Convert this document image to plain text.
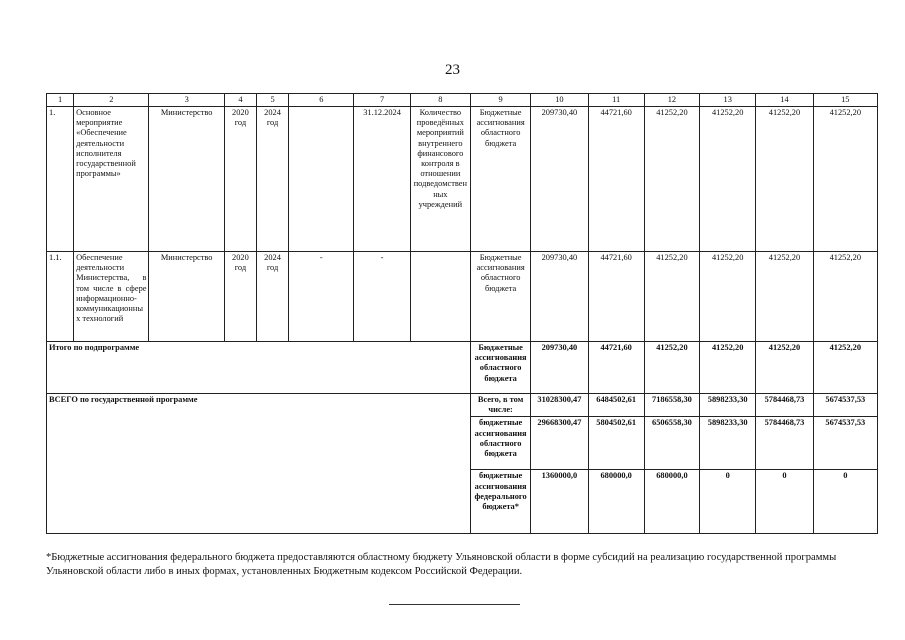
23
1	2	3	4	5	6	7	8	9	10	11	12	13	14	15
1.	Основное мероприятие «Обеспечение деятельности исполнителя государственной программы»	Министерство	2020 год	2024 год		31.12.2024	Количество проведённых мероприятий внутреннего финансового контроля в отношении подведомственных учреждений	Бюджетные ассигнования областного бюджета	209730,40	44721,60	41252,20	41252,20	41252,20	41252,20
1.1.	Обеспечение деятельности Министерства, в том числе в сфере информационно-коммуникационных технологий	Министерство	2020 год	2024 год	-	-		Бюджетные ассигнования областного бюджета	209730,40	44721,60	41252,20	41252,20	41252,20	41252,20
Итого по подпрограмме								Бюджетные ассигнования областного бюджета	209730,40	44721,60	41252,20	41252,20	41252,20	41252,20
ВСЕГО по государственной программе								Всего, в том числе:	31028300,47	6484502,61	7186558,30	5898233,30	5784468,73	5674537,53
								бюджетные ассигнования областного бюджета	29668300,47	5804502,61	6506558,30	5898233,30	5784468,73	5674537,53
								бюджетные ассигнования федерального бюджета*	1360000,0	680000,0	680000,0	0	0	0
*Бюджетные ассигнования федерального бюджета предоставляются областному бюджету Ульяновской области в форме субсидий на реализацию государственной программы Ульяновской области либо в иных формах, установленных Бюджетным кодексом Российской Федерации.
